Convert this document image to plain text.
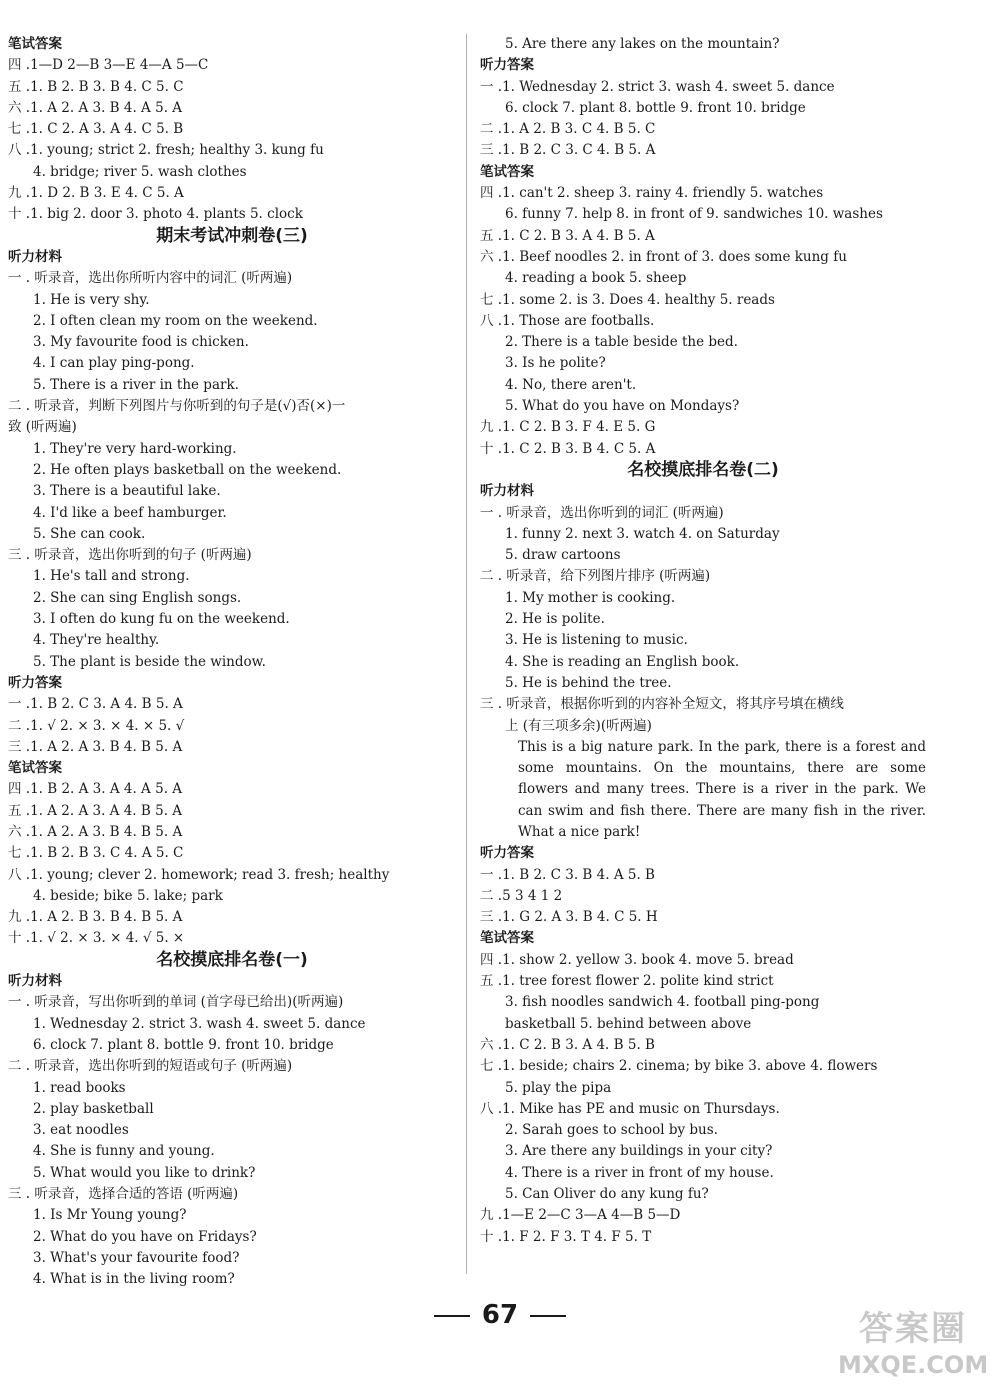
笔试答案
四 .1—D 2—B 3—E 4—A 5—C
五 .1. B 2. B 3. B 4. C 5. C
六 .1. A 2. A 3. B 4. A 5. A
七 .1. C 2. A 3. A 4. C 5. B
八 .1. young; strict 2. fresh; healthy 3. kung fu
4. bridge; river 5. wash clothes
九 .1. D 2. B 3. E 4. C 5. A
十 .1. big 2. door 3. photo 4. plants 5. clock
期末考试冲刺卷(三)
听力材料
一 . 听录音，选出你所听内容中的词汇 (听两遍)
1. He is very shy.
2. I often clean my room on the weekend.
3. My favourite food is chicken.
4. I can play ping-pong.
5. There is a river in the park.
二 . 听录音，判断下列图片与你听到的句子是(√)否(×)一
致 (听两遍)
1. They're very hard-working.
2. He often plays basketball on the weekend.
3. There is a beautiful lake.
4. I'd like a beef hamburger.
5. She can cook.
三 . 听录音，选出你听到的句子 (听两遍)
1. He's tall and strong.
2. She can sing English songs.
3. I often do kung fu on the weekend.
4. They're healthy.
5. The plant is beside the window.
听力答案
一 .1. B 2. C 3. A 4. B 5. A
二 .1. √ 2. × 3. × 4. × 5. √
三 .1. A 2. A 3. B 4. B 5. A
笔试答案
四 .1. B 2. A 3. A 4. A 5. A
五 .1. A 2. A 3. A 4. B 5. A
六 .1. A 2. A 3. B 4. B 5. A
七 .1. B 2. B 3. C 4. A 5. C
八 .1. young; clever 2. homework; read 3. fresh; healthy
4. beside; bike 5. lake; park
九 .1. A 2. B 3. B 4. B 5. A
十 .1. √ 2. × 3. × 4. √ 5. ×
名校摸底排名卷(一)
听力材料
一 . 听录音，写出你听到的单词 (首字母已给出)(听两遍)
1. Wednesday 2. strict 3. wash 4. sweet 5. dance
6. clock 7. plant 8. bottle 9. front 10. bridge
二 . 听录音，选出你听到的短语或句子 (听两遍)
1. read books
2. play basketball
3. eat noodles
4. She is funny and young.
5. What would you like to drink?
三 . 听录音，选择合适的答语 (听两遍)
1. Is Mr Young young?
2. What do you have on Fridays?
3. What's your favourite food?
4. What is in the living room?
5. Are there any lakes on the mountain?
听力答案
一 .1. Wednesday 2. strict 3. wash 4. sweet 5. dance
6. clock 7. plant 8. bottle 9. front 10. bridge
二 .1. A 2. B 3. C 4. B 5. C
三 .1. B 2. C 3. C 4. B 5. A
笔试答案
四 .1. can't 2. sheep 3. rainy 4. friendly 5. watches
6. funny 7. help 8. in front of 9. sandwiches 10. washes
五 .1. C 2. B 3. A 4. B 5. A
六 .1. Beef noodles 2. in front of 3. does some kung fu
4. reading a book 5. sheep
七 .1. some 2. is 3. Does 4. healthy 5. reads
八 .1. Those are footballs.
2. There is a table beside the bed.
3. Is he polite?
4. No, there aren't.
5. What do you have on Mondays?
九 .1. C 2. B 3. F 4. E 5. G
十 .1. C 2. B 3. B 4. C 5. A
名校摸底排名卷(二)
听力材料
一 . 听录音，选出你听到的词汇 (听两遍)
1. funny 2. next 3. watch 4. on Saturday
5. draw cartoons
二 . 听录音，给下列图片排序 (听两遍)
1. My mother is cooking.
2. He is polite.
3. He is listening to music.
4. She is reading an English book.
5. He is behind the tree.
三 . 听录音，根据你听到的内容补全短文，将其序号填在横线
上 (有三项多余)(听两遍)
This is a big nature park. In the park, there is a forest and some mountains. On the mountains, there are some flowers and many trees. There is a river in the park. We can swim and fish there. There are many fish in the river. What a nice park!
听力答案
一 .1. B 2. C 3. B 4. A 5. B
二 .5 3 4 1 2
三 .1. G 2. A 3. B 4. C 5. H
笔试答案
四 .1. show 2. yellow 3. book 4. move 5. bread
五 .1. tree forest flower 2. polite kind strict
3. fish noodles sandwich 4. football ping-pong
basketball 5. behind between above
六 .1. C 2. B 3. A 4. B 5. B
七 .1. beside; chairs 2. cinema; by bike 3. above 4. flowers
5. play the pipa
八 .1. Mike has PE and music on Thursdays.
2. Sarah goes to school by bus.
3. Are there any buildings in your city?
4. There is a river in front of my house.
5. Can Oliver do any kung fu?
九 .1—E 2—C 3—A 4—B 5—D
十 .1. F 2. F 3. T 4. F 5. T
67	答案圈
MXQE.COM
